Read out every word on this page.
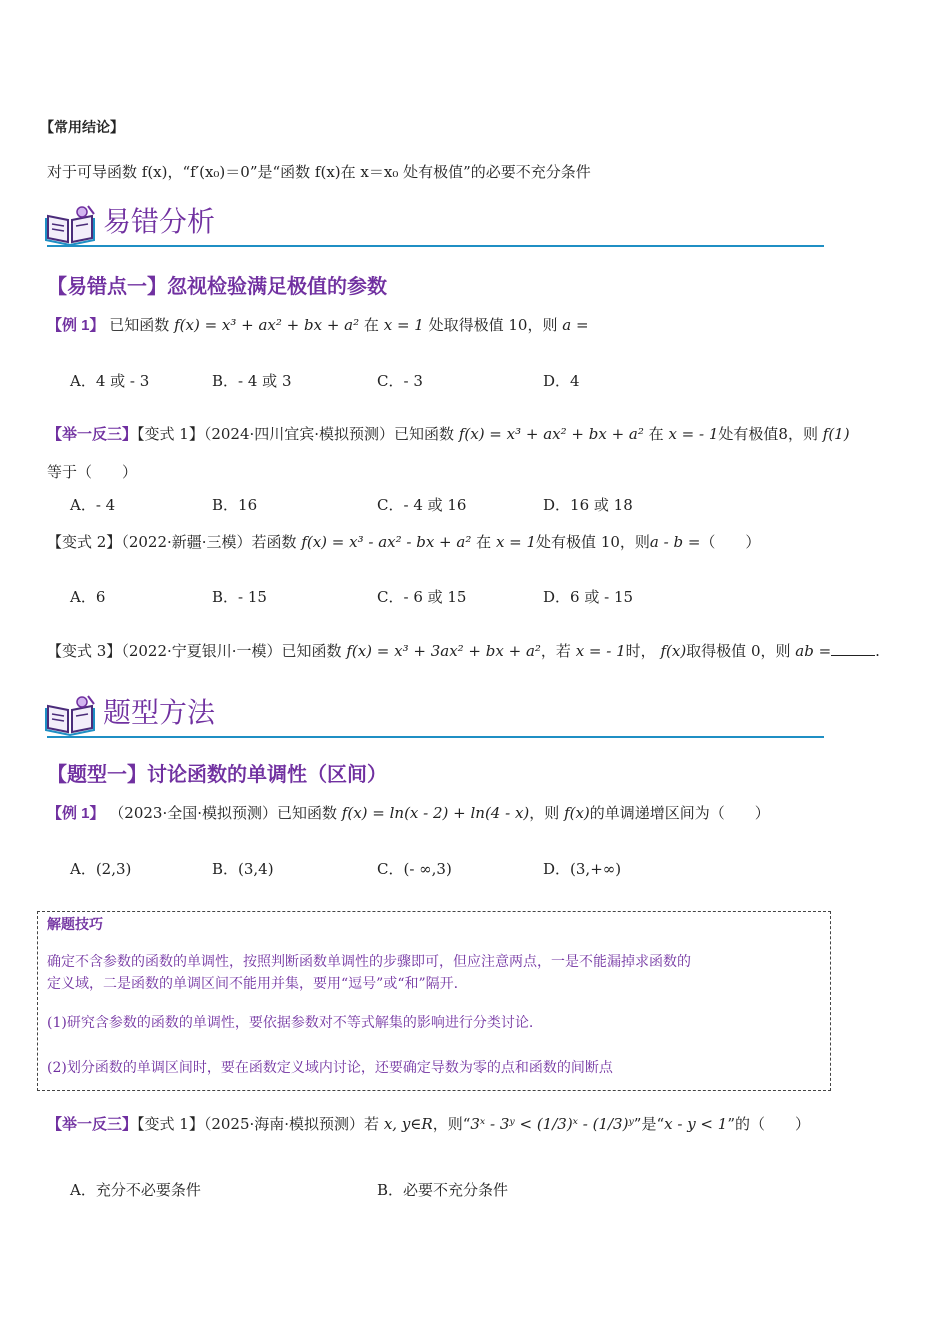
【常用结论】
对于可导函数 f(x)，“f′(x₀)＝0”是“函数 f(x)在 x＝x₀ 处有极值”的必要不充分条件
易错分析
【易错点一】忽视检验满足极值的参数
【例 1】 已知函数 f(x) = x³ + ax² + bx + a² 在 x = 1 处取得极值 10，则 a =
A．4 或 - 3	B．- 4 或 3	C．- 3	D．4
【举一反三】【变式 1】（2024·四川宜宾·模拟预测）已知函数 f(x) = x³ + ax² + bx + a² 在 x = - 1处有极值8，则 f(1)
等于（　　）
A．- 4	B．16	C．- 4 或 16	D．16 或 18
【变式 2】（2022·新疆·三模）若函数 f(x) = x³ - ax² - bx + a² 在 x = 1处有极值 10，则a - b =（　　）
A．6	B．- 15	C．- 6 或 15	D．6 或 - 15
【变式 3】（2022·宁夏银川·一模）已知函数 f(x) = x³ + 3ax² + bx + a²，若 x = - 1时， f(x)取得极值 0，则 ab =	.
题型方法
【题型一】讨论函数的单调性（区间）
【例 1】 （2023·全国·模拟预测）已知函数 f(x) = ln(x - 2) + ln(4 - x)，则 f(x)的单调递增区间为（　　）
A．(2,3)	B．(3,4)	C．(- ∞,3)	D．(3,+∞)
解题技巧
确定不含参数的函数的单调性，按照判断函数单调性的步骤即可，但应注意两点，一是不能漏掉求函数的
定义域，二是函数的单调区间不能用并集，要用“逗号”或“和”隔开.
(1)研究含参数的函数的单调性，要依据参数对不等式解集的影响进行分类讨论.
(2)划分函数的单调区间时，要在函数定义域内讨论，还要确定导数为零的点和函数的间断点
【举一反三】【变式 1】（2025·海南·模拟预测）若 x, y∈R，则“3ˣ - 3ʸ < (1/3)ˣ - (1/3)ʸ”是“x - y < 1”的（　　）
A．充分不必要条件	B．必要不充分条件
